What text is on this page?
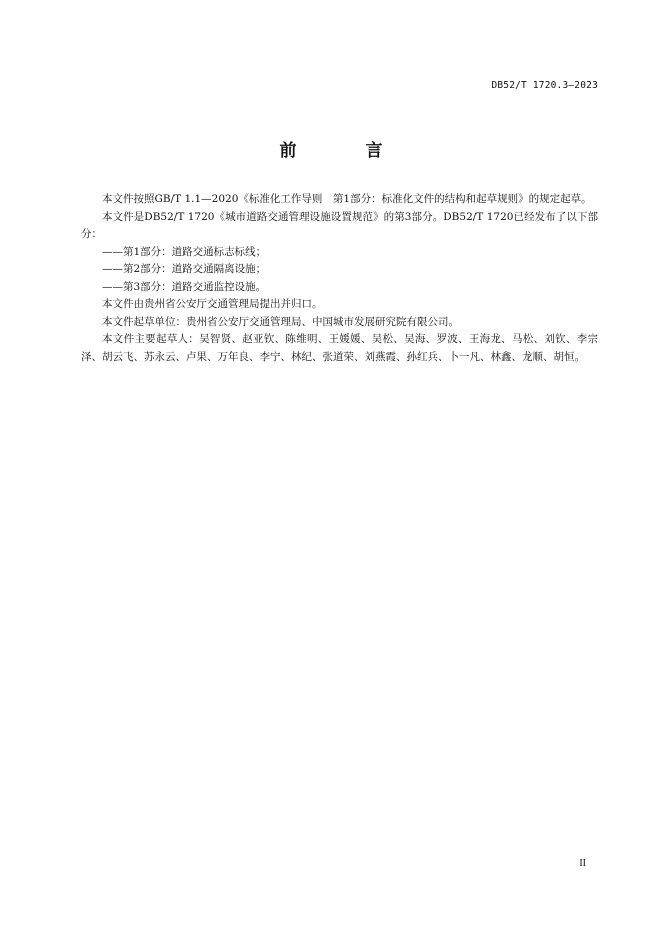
DB52/T 1720.3—2023
前　言

本文件按照GB/T 1.1—2020《标准化工作导则　第1部分：标准化文件的结构和起草规则》的规定起草。

本文件是DB52/T 1720《城市道路交通管理设施设置规范》的第3部分。DB52/T 1720已经发布了以下部分：

——第1部分：道路交通标志标线；

——第2部分：道路交通隔离设施；

——第3部分：道路交通监控设施。

本文件由贵州省公安厅交通管理局提出并归口。

本文件起草单位：贵州省公安厅交通管理局、中国城市发展研究院有限公司。

本文件主要起草人：吴智贤、赵亚钦、陈维明、王媛媛、吴松、吴海、罗波、王海龙、马松、刘钦、李宗泽、胡云飞、苏永云、卢果、万年良、李宁、林纪、张道荣、刘燕霞、孙红兵、卜一凡、林鑫、龙顺、胡恒。

II
